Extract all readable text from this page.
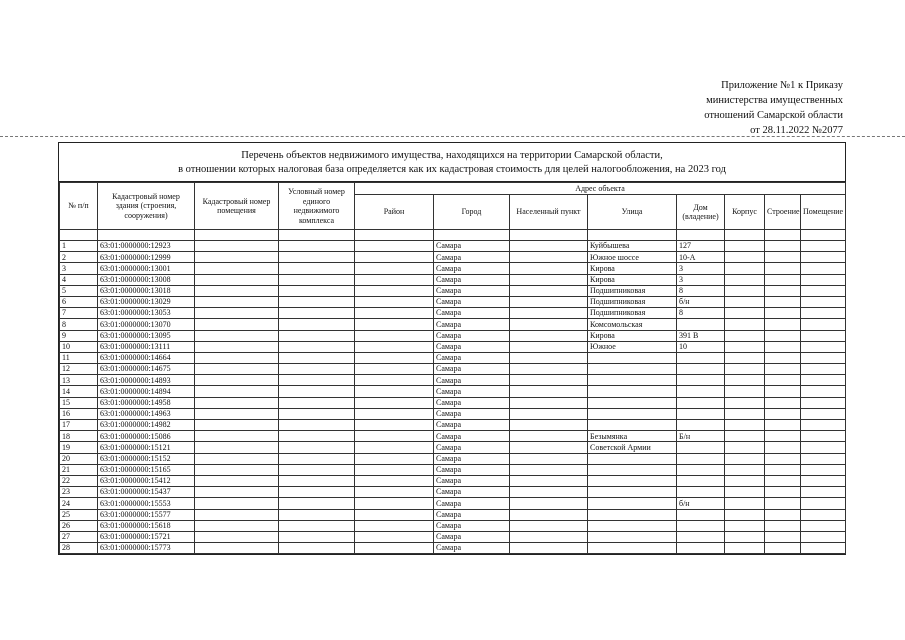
Приложение №1 к Приказу
министерства имущественных
отношений Самарской области
от 28.11.2022 №2077
Перечень объектов недвижимого имущества, находящихся на территории Самарской области,
в отношении которых налоговая база определяется как их кадастровая стоимость для целей налогообложения, на 2023 год
№ п/п	Кадастровый номер здания (строения, сооружения)	Кадастровый номер помещения	Условный номер единого недвижимого комплекса	Адрес объекта							
				Район	Город	Населенный пункт	Улица	Дом (владение)	Корпус	Строение	Помещение

1	63:01:0000000:12923				Самара		Куйбышева	127			
2	63:01:0000000:12999				Самара		Южное шоссе	10-А			
3	63:01:0000000:13001				Самара		Кирова	3			
4	63:01:0000000:13008				Самара		Кирова	3			
5	63:01:0000000:13018				Самара		Подшипниковая	8			
6	63:01:0000000:13029				Самара		Подшипниковая	б/н			
7	63:01:0000000:13053				Самара		Подшипниковая	8			
8	63:01:0000000:13070				Самара		Комсомольская				
9	63:01:0000000:13095				Самара		Кирова	391 В			
10	63:01:0000000:13111				Самара		Южное	10			
11	63:01:0000000:14664				Самара						
12	63:01:0000000:14675				Самара						
13	63:01:0000000:14893				Самара						
14	63:01:0000000:14894				Самара						
15	63:01:0000000:14958				Самара						
16	63:01:0000000:14963				Самара						
17	63:01:0000000:14982				Самара						
18	63:01:0000000:15086				Самара		Безымянка	Б/н			
19	63:01:0000000:15121				Самара		Советской Армии				
20	63:01:0000000:15152				Самара						
21	63:01:0000000:15165				Самара						
22	63:01:0000000:15412				Самара						
23	63:01:0000000:15437				Самара						
24	63:01:0000000:15553				Самара			б/н			
25	63:01:0000000:15577				Самара						
26	63:01:0000000:15618				Самара						
27	63:01:0000000:15721				Самара						
28	63:01:0000000:15773				Самара						
